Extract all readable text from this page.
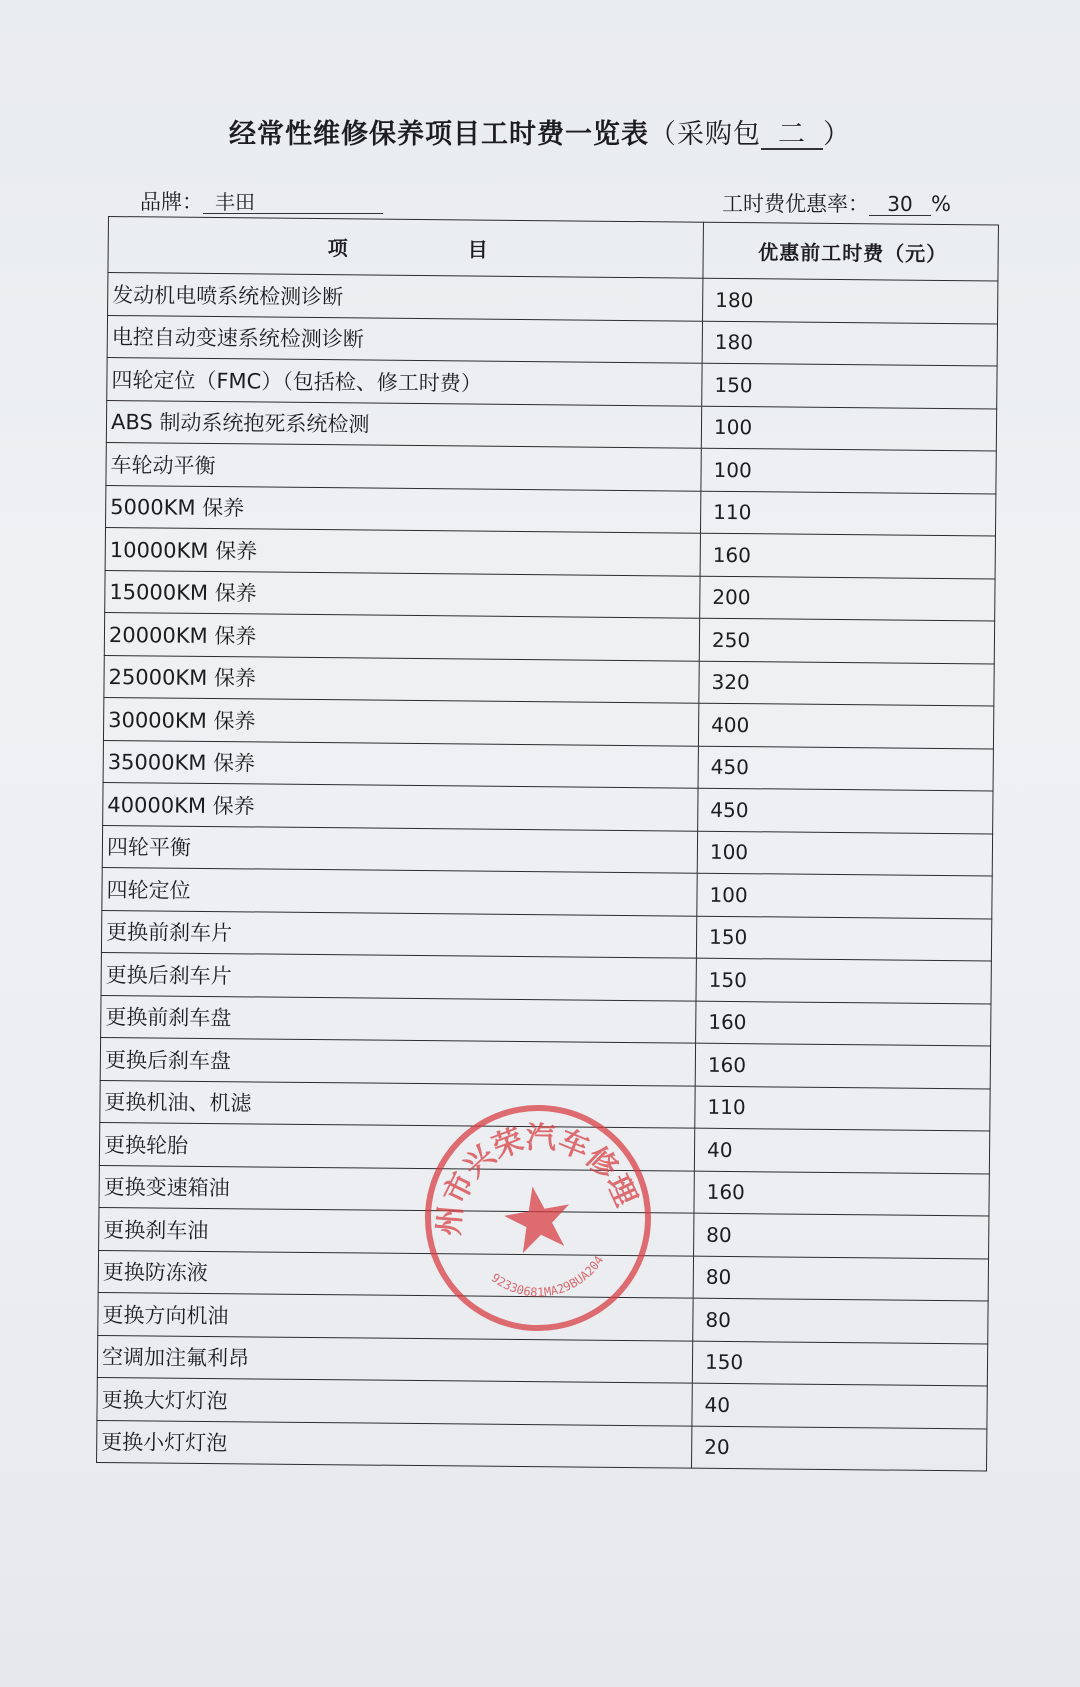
经常性维修保养项目工时费一览表（采购包 二 ）
品牌： 丰田	工时费优惠率： 30 %
项 目	优惠前工时费（元）
发动机电喷系统检测诊断	180
电控自动变速系统检测诊断	180
四轮定位（FMC）（包括检、修工时费）	150
ABS 制动系统抱死系统检测	100
车轮动平衡	100
5000KM 保养	110
10000KM 保养	160
15000KM 保养	200
20000KM 保养	250
25000KM 保养	320
30000KM 保养	400
35000KM 保养	450
40000KM 保养	450
四轮平衡	100
四轮定位	100
更换前刹车片	150
更换后刹车片	150
更换前刹车盘	160
更换后刹车盘	160
更换机油、机滤	110
更换轮胎	40
更换变速箱油	160
更换刹车油	80
更换防冻液	80
更换方向机油	80
空调加注氟利昂	150
更换大灯灯泡	40
更换小灯灯泡	20
嵊州市兴荣汽车修理厂
92330681MA29BUA204
